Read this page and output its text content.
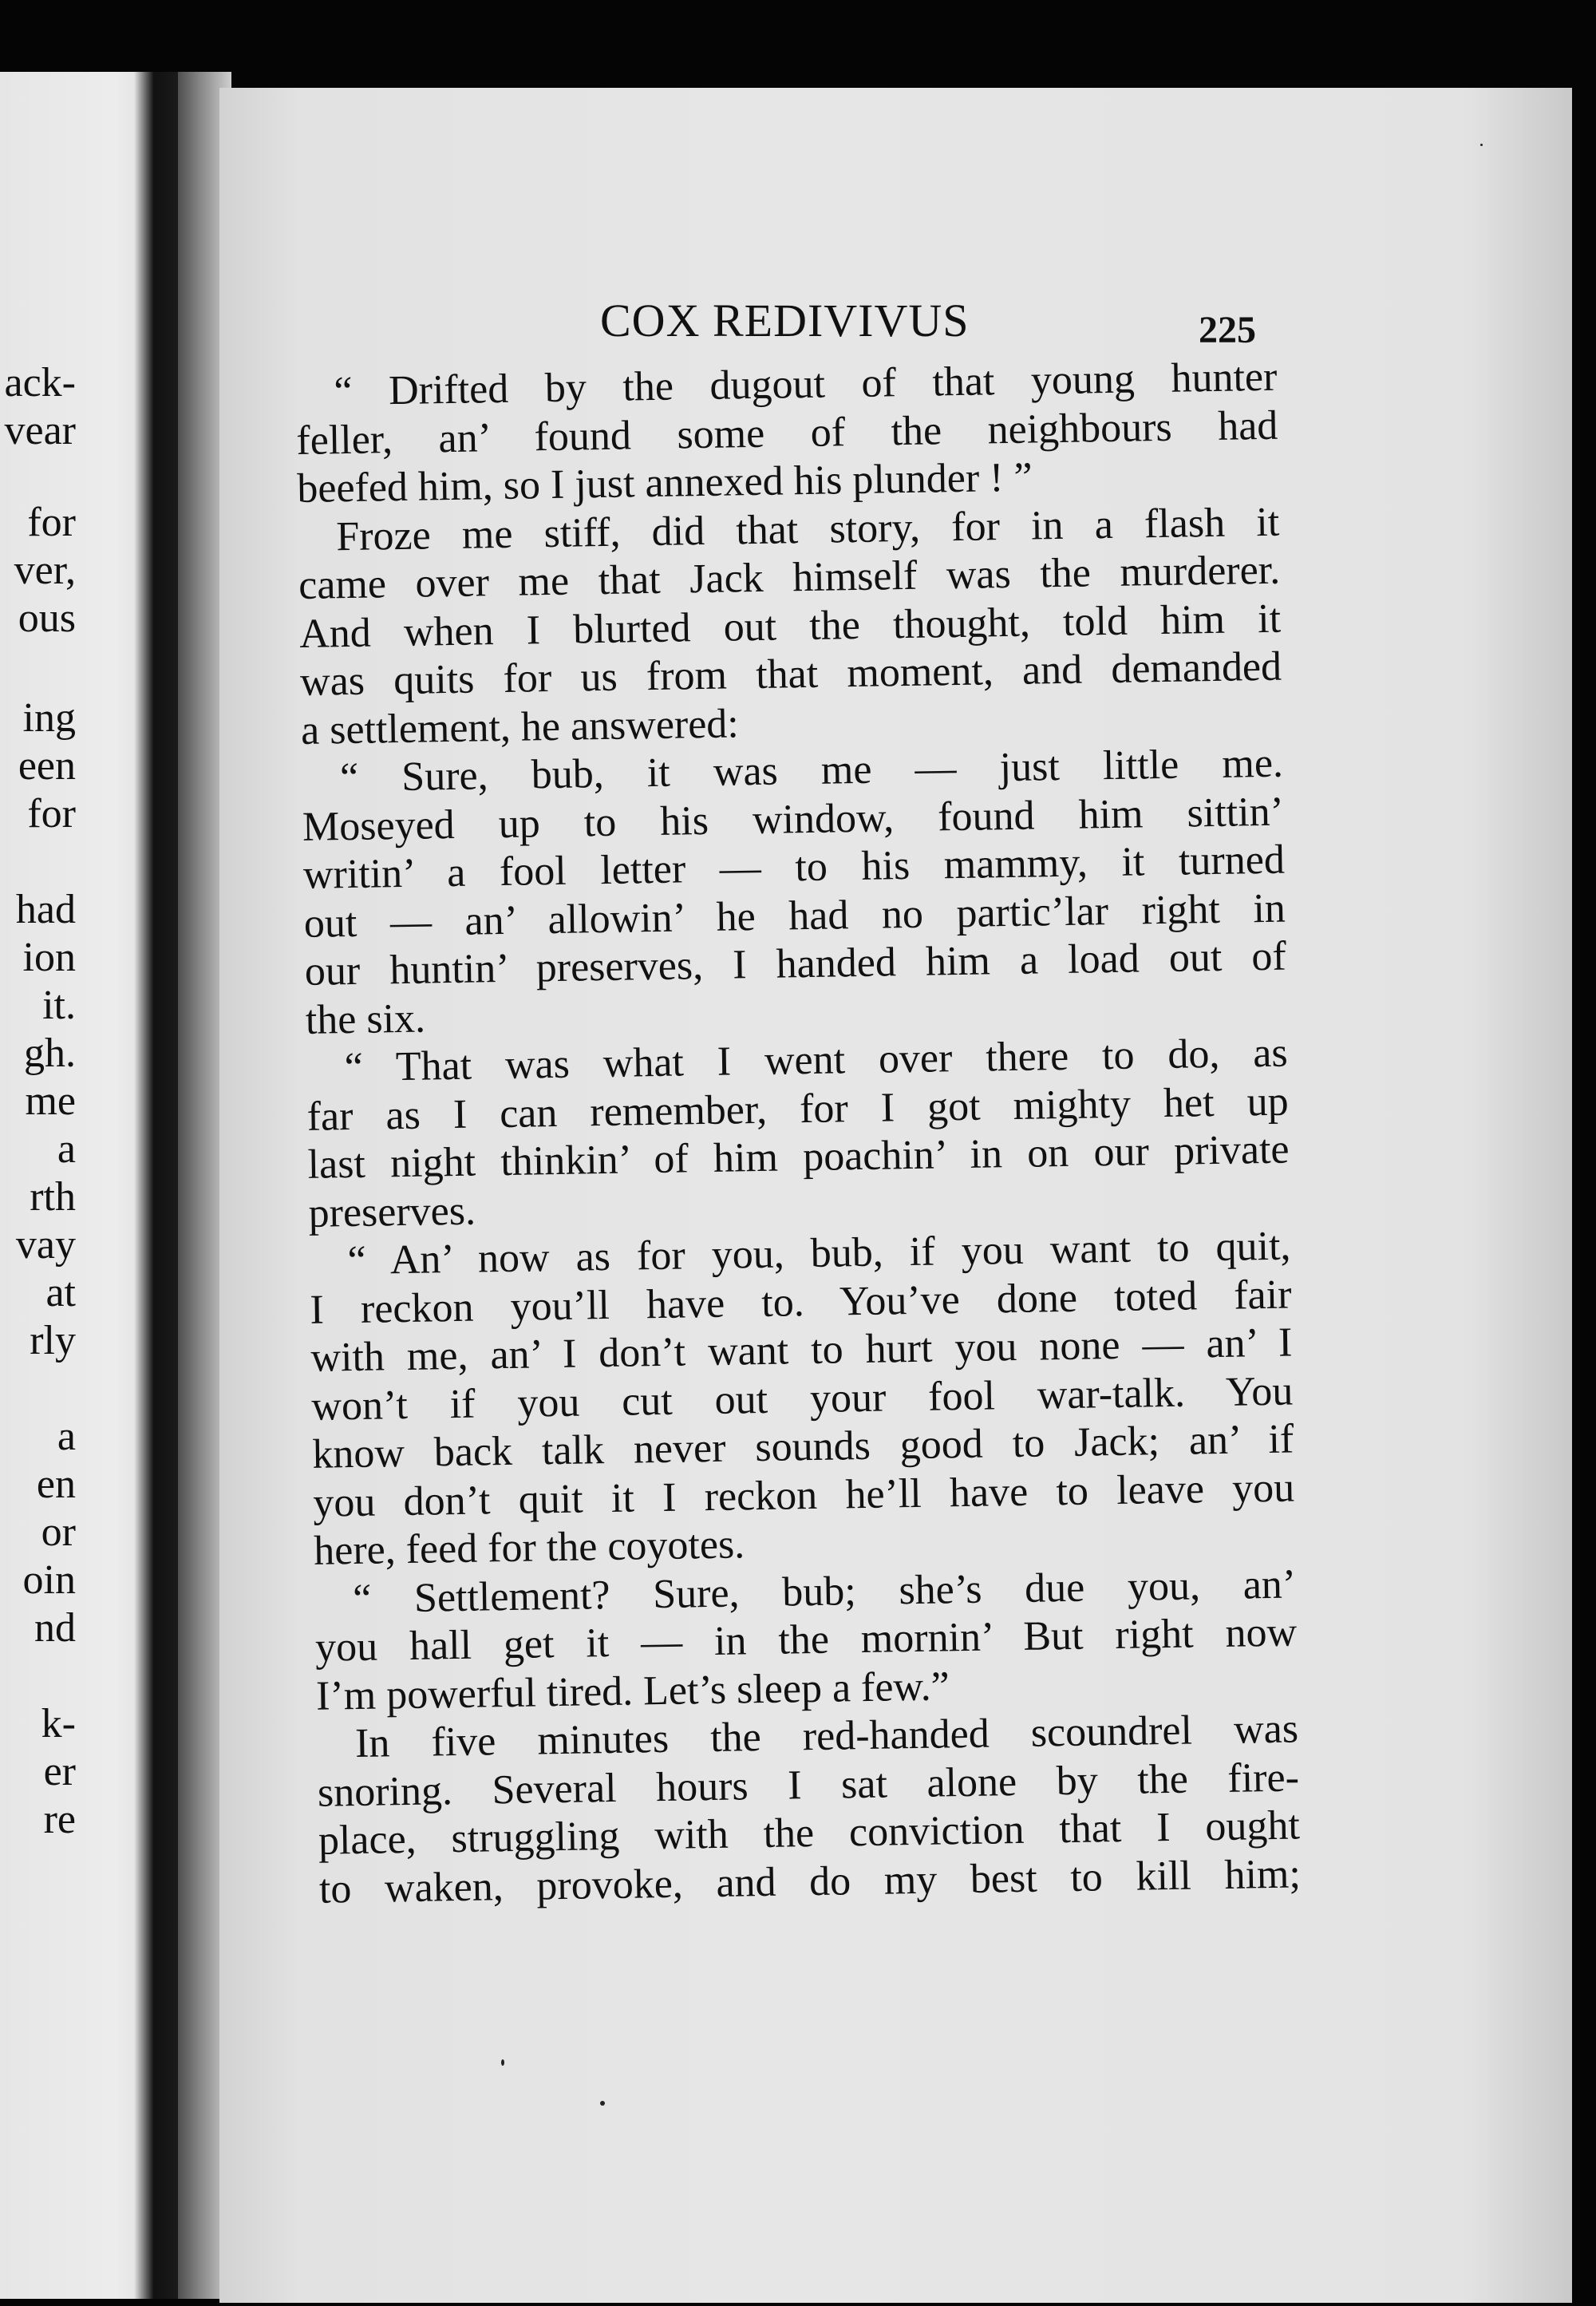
ack-
vear
for
ver,
ous
ing
een
for
had
ion
it.
gh.
me
a
rth
vay
at
rly
a
en
or
oin
nd
k-
er
re
COX REDIVIVUS	225
“ Drifted by the dugout of that young hunter
feller, an’ found some of the neighbours had
beefed him, so I just annexed his plunder ! ”
Froze me stiff, did that story, for in a flash it
came over me that Jack himself was the murderer.
And when I blurted out the thought, told him it
was quits for us from that moment, and demanded
a settlement, he answered:
“ Sure, bub, it was me — just little me.
Moseyed up to his window, found him sittin’
writin’ a fool letter — to his mammy, it turned
out — an’ allowin’ he had no partic’lar right in
our huntin’ preserves, I handed him a load out of
the six.
“ That was what I went over there to do, as
far as I can remember, for I got mighty het up
last night thinkin’ of him poachin’ in on our private
preserves.
“ An’ now as for you, bub, if you want to quit,
I reckon you’ll have to. You’ve done toted fair
with me, an’ I don’t want to hurt you none — an’ I
won’t if you cut out your fool war-talk. You
know back talk never sounds good to Jack; an’ if
you don’t quit it I reckon he’ll have to leave you
here, feed for the coyotes.
“ Settlement? Sure, bub; she’s due you, an’
you hall get it — in the mornin’ But right now
I’m powerful tired. Let’s sleep a few.”
In five minutes the red-handed scoundrel was
snoring. Several hours I sat alone by the fire-
place, struggling with the conviction that I ought
to waken, provoke, and do my best to kill him;
